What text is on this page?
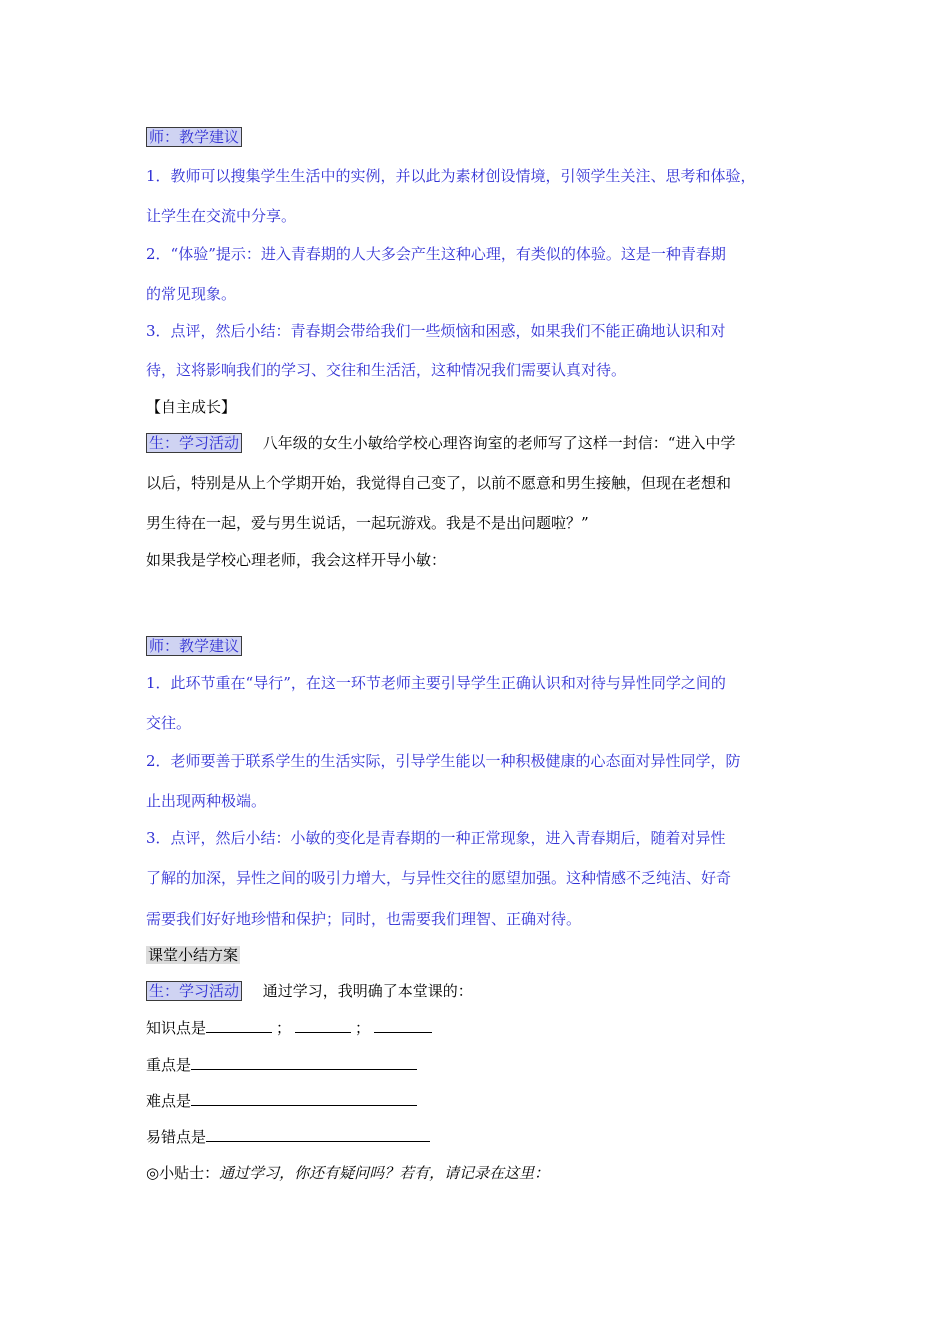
师：教学建议
1．教师可以搜集学生生活中的实例，并以此为素材创设情境，引领学生关注、思考和体验，
让学生在交流中分享。
2．“体验”提示：进入青春期的人大多会产生这种心理，有类似的体验。这是一种青春期
的常见现象。
3．点评，然后小结：青春期会带给我们一些烦恼和困惑，如果我们不能正确地认识和对
待，这将影响我们的学习、交往和生活活，这种情况我们需要认真对待。
【自主成长】
生：学习活动 八年级的女生小敏给学校心理咨询室的老师写了这样一封信：“进入中学
以后，特别是从上个学期开始，我觉得自己变了，以前不愿意和男生接触，但现在老想和
男生待在一起，爱与男生说话，一起玩游戏。我是不是出问题啦？”
如果我是学校心理老师，我会这样开导小敏：
师：教学建议
1．此环节重在“导行”，在这一环节老师主要引导学生正确认识和对待与异性同学之间的
交往。
2．老师要善于联系学生的生活实际，引导学生能以一种积极健康的心态面对异性同学，防
止出现两种极端。
3．点评，然后小结：小敏的变化是青春期的一种正常现象，进入青春期后，随着对异性
了解的加深，异性之间的吸引力增大，与异性交往的愿望加强。这种情感不乏纯洁、好奇
需要我们好好地珍惜和保护；同时，也需要我们理智、正确对待。
课堂小结方案
生：学习活动 通过学习，我明确了本堂课的：
知识点是	；	；
重点是
难点是
易错点是
◎小贴士：通过学习，你还有疑问吗？若有，请记录在这里：
